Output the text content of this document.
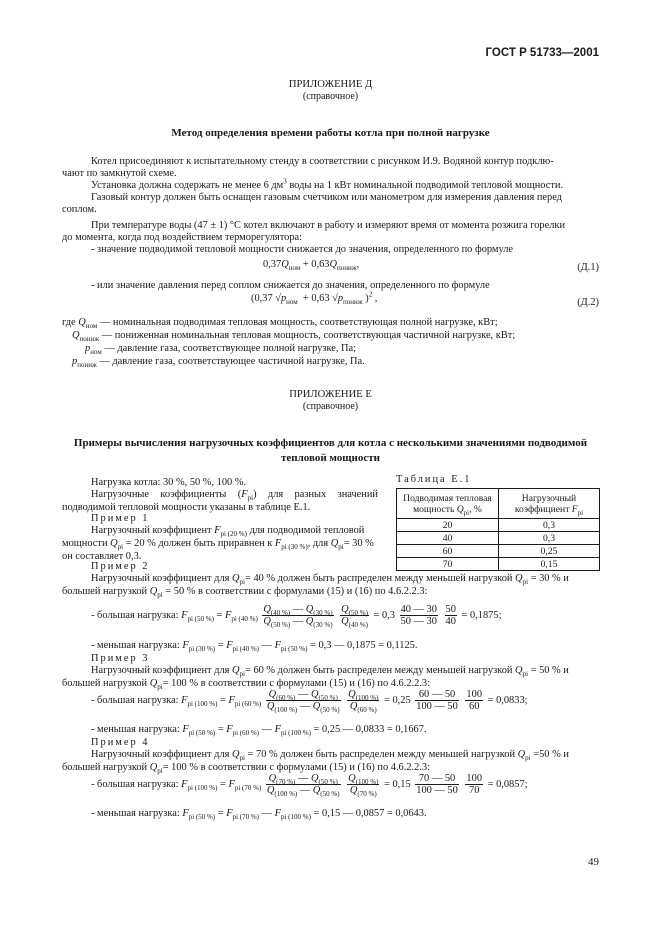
ГОСТ Р 51733—2001
ПРИЛОЖЕНИЕ Д
(справочное)
Метод определения времени работы котла при полной нагрузке
Котел присоединяют к испытательному стенду в соответствии с рисунком И.9. Водяной контур подклю-
чают по замкнутой схеме.
Установка должна содержать не менее 6 $дм^3$ воды на 1 кВт номинальной подводимой тепловой мощности.
Газовый контур должен быть оснащен газовым счетчиком или манометром для измерения давления перед
соплом.
При температуре воды (47 ± 1) °С котел включают в работу и измеряют время от момента розжига горелки
до момента, когда под воздействием терморегулятора:
- значение подводимой тепловой мощности снижается до значения, определенного по формуле
$0,37Q_{ном} + 0,63Q_{пониж}$,	(Д.1)
- или значение давления перед соплом снижается до значения, определенного по формуле
(0,37 $√p_{ном} + 0,63$ $√p_{пониж}$ )$^2$ ,	(Д.2)
где $Q_{ном}$ — номинальная подводимая тепловая мощность, соответствующая полной нагрузке, кВт;
$Q_{пониж}$ — пониженная номинальная тепловая мощность, соответствующая частичной нагрузке, кВт;
$p_{ном}$ — давление газа, соответствующее полной нагрузке, Па;
$p_{пониж}$ — давление газа, соответствующее частичной нагрузке, Па.
ПРИЛОЖЕНИЕ Е
(справочное)
Примеры вычисления нагрузочных коэффициентов для котла с несколькими значениями подводимой
тепловой мощности
Нагрузка котла: 30 %, 50 %, 100 %.
Нагрузочные коэффициенты $(F_{pi})$ для разных значений подводимой тепловой мощности указаны в таблице Е.1.
Таблица Е.1
Подводимая тепловая мощность $Q_{pi}$, %	Нагрузочный коэффициент $F_{pi}$
20	0,3
40	0,3
60	0,25
70	0,15
Пример 1
Нагрузочный коэффициент $F_{pi (20 \%)}$ для подводимой тепловой мощности $Q_{pi} = 20$ % должен быть приравнен к $F_{pi (30 \%)}$, для $Q_{pi}= 30$ % он составляет 0,3.
Пример 2
Нагрузочный коэффициент для $Q_{pi}= 40$ % должен быть распределен между меньшей нагрузкой $Q_{pi} = 30$ % и большей нагрузкой $Q_{pi} = 50$ % в соответствии с формулами (15) и (16) по 4.6.2.2.3:
- большая нагрузка: $F_{pi (50 \%)} = F_{pi (40 \%)} \frac{Q_{(40 \%)} — Q_{(30 \%)}}{Q_{(50 \%)} — Q_{(30 \%)}}$
$\frac{Q_{(50 \%)}}{Q_{(40 \%)}} = 0,3 \frac{40 — 30}{50 — 30}$
$\frac{50}{40} = 0,1875$;
- меньшая нагрузка: $F_{pi (30 \%)} = F_{pi (40 \%)}$ — $F_{pi (50 \%)} = 0,3$ — 0,1875 = 0,1125.
Пример 3
Нагрузочный коэффициент для $Q_{pi}= 60$ % должен быть распределен между меньшей нагрузкой $Q_{pi} = 50$ % и большей нагрузкой $Q_{pi}= 100$ % в соответствии с формулами (15) и (16) по 4.6.2.2.3:
- большая нагрузка: $F_{pi (100 \%)} = F_{pi (60 \%)} \frac{Q_{(60 \%)} — Q_{(50 \%)}}{Q_{(100 \%)} — Q_{(50 \%)}}$
$\frac{Q_{(100 \%)}}{Q_{(60 \%)}} = 0,25 \frac{60 — 50}{100 — 50}$
$\frac{100}{60} = 0,0833$;
- меньшая нагрузка: $F_{pi (50 \%)} = F_{pi (60 \%)}$ — $F_{pi (100 \%)} = 0,25$ — 0,0833 = 0,1667.
Пример 4
Нагрузочный коэффициент для $Q_{pi} = 70$ % должен быть распределен между меньшей нагрузкой $Q_{pi} =50$ % и большей нагрузкой $Q_{pi}= 100$ % в соответствии с формулами (15) и (16) по 4.6.2.2.3:
- большая нагрузка: $F_{pi (100 \%)} = F_{pi (70 \%)} \frac{Q_{(70 \%)} — Q_{(50 \%)}}{Q_{(100 \%)} — Q_{(50 \%)}}$
$\frac{Q_{(100 \%)}}{Q_{(70 \%)}} = 0,15 \frac{70 — 50}{100 — 50}$
$\frac{100}{70} = 0,0857$;
- меньшая нагрузка: $F_{pi (50 \%)} = F_{pi (70 \%)}$ — $F_{pi (100 \%)} = 0,15$ — 0,0857 = 0,0643.
49
